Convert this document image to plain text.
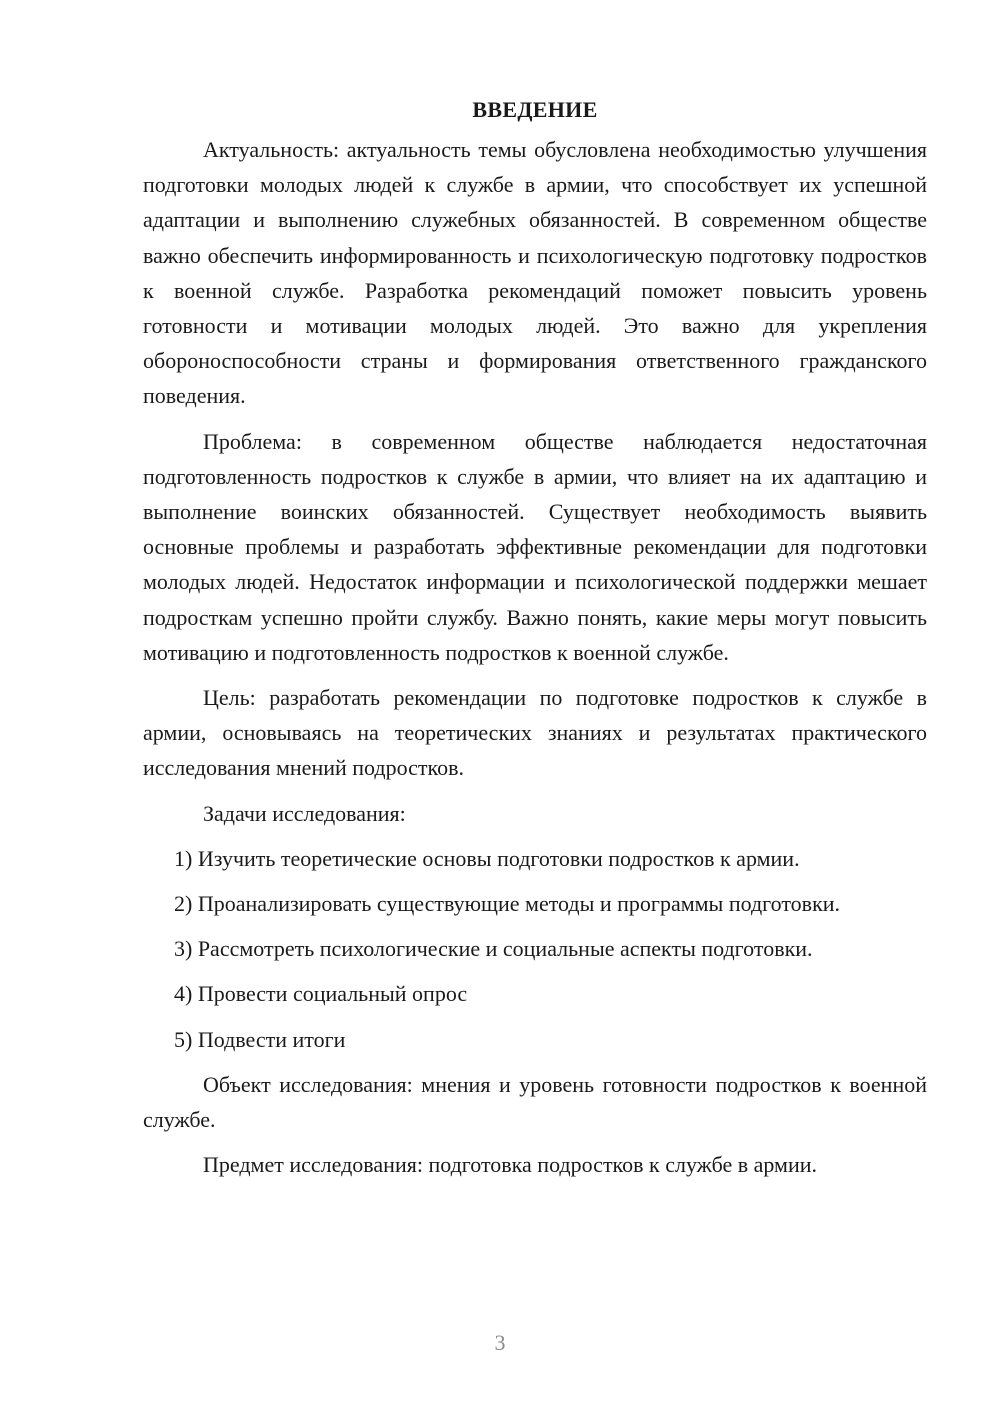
ВВЕДЕНИЕ

Актуальность: актуальность темы обусловлена необходимостью улучшения подготовки молодых людей к службе в армии, что способствует их успешной адаптации и выполнению служебных обязанностей. В современном обществе важно обеспечить информированность и психологическую подготовку подростков к военной службе. Разработка рекомендаций поможет повысить уровень готовности и мотивации молодых людей. Это важно для укрепления обороноспособности страны и формирования ответственного гражданского поведения.

Проблема: в современном обществе наблюдается недостаточная подготовленность подростков к службе в армии, что влияет на их адаптацию и выполнение воинских обязанностей. Существует необходимость выявить основные проблемы и разработать эффективные рекомендации для подготовки молодых людей. Недостаток информации и психологической поддержки мешает подросткам успешно пройти службу. Важно понять, какие меры могут повысить мотивацию и подготовленность подростков к военной службе.

Цель: разработать рекомендации по подготовке подростков к службе в армии, основываясь на теоретических знаниях и результатах практического исследования мнений подростков.

Задачи исследования:

1) Изучить теоретические основы подготовки подростков к армии.

2) Проанализировать существующие методы и программы подготовки.

3) Рассмотреть психологические и социальные аспекты подготовки.

4) Провести социальный опрос

5) Подвести итоги

Объект исследования: мнения и уровень готовности подростков к военной службе.

Предмет исследования: подготовка подростков к службе в армии.

3
